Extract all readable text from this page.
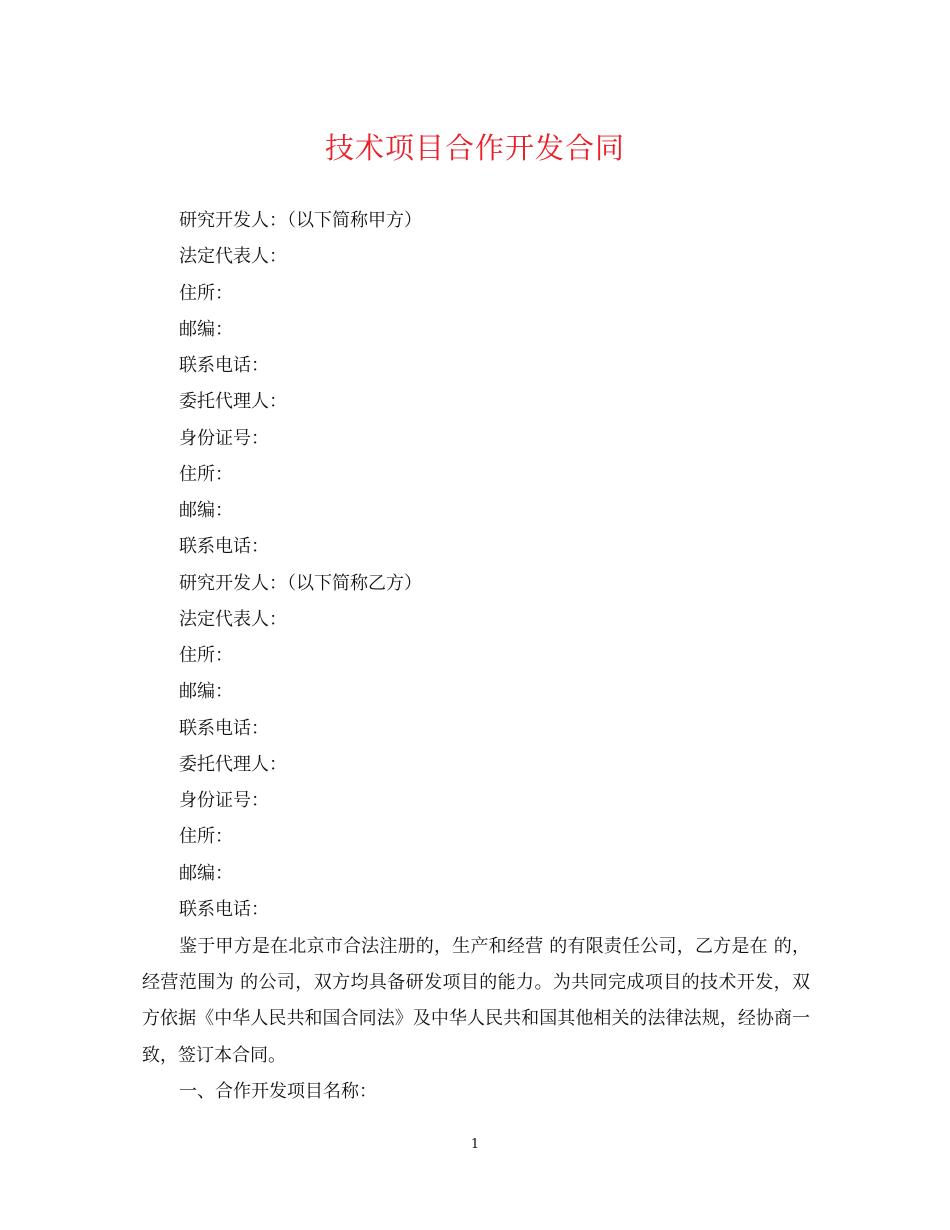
技术项目合作开发合同
研究开发人：（以下简称甲方）
法定代表人：
住所：
邮编：
联系电话：
委托代理人：
身份证号：
住所：
邮编：
联系电话：
研究开发人：（以下简称乙方）
法定代表人：
住所：
邮编：
联系电话：
委托代理人：
身份证号：
住所：
邮编：
联系电话：

鉴于甲方是在北京市合法注册的，生产和经营 的有限责任公司，乙方是在 的，经营范围为 的公司，双方均具备研发项目的能力。为共同完成项目的技术开发，双方依据《中华人民共和国合同法》及中华人民共和国其他相关的法律法规，经协商一致，签订本合同。

一、合作开发项目名称：
1
